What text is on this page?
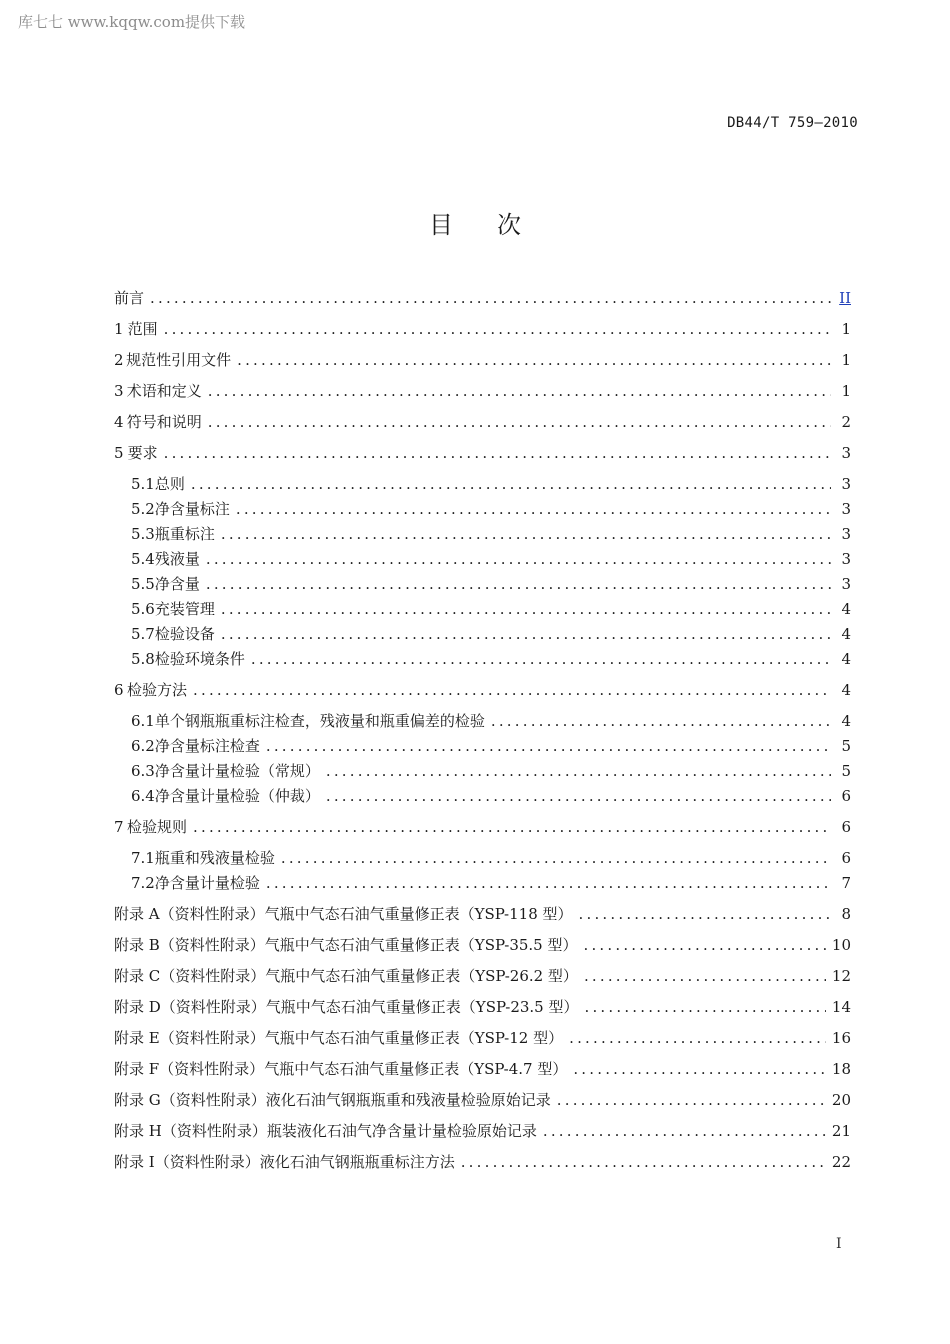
库七七 www.kqqw.com提供下载
DB44/T 759—2010
目 次
前言 .....	II
1 范围 .....	1
2 规范性引用文件 .....	1
3 术语和定义 .....	1
4 符号和说明 .....	2
5 要求 .....	3
5.1 总则 .....	3
5.2 净含量标注 .....	3
5.3 瓶重标注 .....	3
5.4 残液量 .....	3
5.5 净含量 .....	3
5.6 充装管理 .....	4
5.7 检验设备 .....	4
5.8 检验环境条件 .....	4
6 检验方法 .....	4
6.1 单个钢瓶瓶重标注检查，残液量和瓶重偏差的检验 .....	4
6.2 净含量标注检查 .....	5
6.3 净含量计量检验（常规） .....	5
6.4 净含量计量检验（仲裁） .....	6
7 检验规则 .....	6
7.1 瓶重和残液量检验 .....	6
7.2 净含量计量检验 .....	7
附录 A（资料性附录） 气瓶中气态石油气重量修正表（YSP-118 型） .....	8
附录 B（资料性附录） 气瓶中气态石油气重量修正表（YSP-35.5 型） .....	10
附录 C（资料性附录） 气瓶中气态石油气重量修正表（YSP-26.2 型） .....	12
附录 D（资料性附录） 气瓶中气态石油气重量修正表（YSP-23.5 型） .....	14
附录 E（资料性附录） 气瓶中气态石油气重量修正表（YSP-12 型） .....	16
附录 F（资料性附录） 气瓶中气态石油气重量修正表（YSP-4.7 型） .....	18
附录 G（资料性附录） 液化石油气钢瓶瓶重和残液量检验原始记录 .....	20
附录 H（资料性附录） 瓶装液化石油气净含量计量检验原始记录 .....	21
附录 I（资料性附录） 液化石油气钢瓶瓶重标注方法 .....	22
I
